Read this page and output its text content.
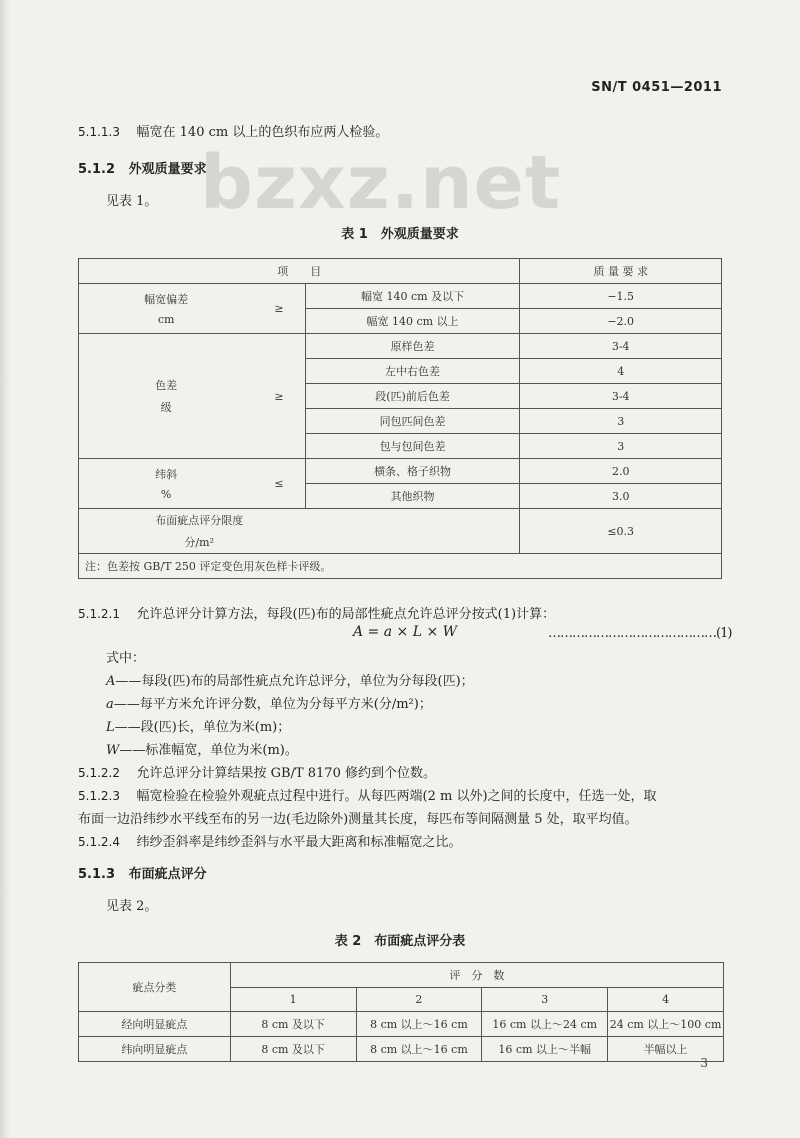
SN/T 0451—2011
bzxz.net
5.1.1.3 幅宽在 140 cm 以上的色织布应两人检验。
5.1.2 外观质量要求
见表 1。
表 1　外观质量要求
项　　目			质 量 要 求

幅宽偏差
cm	≥	幅宽 140 cm 及以下	−1.5
		幅宽 140 cm 以上	−2.0

色差
级	≥	原样色差	3-4
		左中右色差	4
		段(匹)前后色差	3-4
		同包匹间色差	3
		包与包间色差	3

纬斜
%	≤	横条、格子织物	2.0
		其他织物	3.0

布面疵点评分限度
分/m²			≤0.3
注：色差按 GB/T 250 评定变色用灰色样卡评级。			
5.1.2.1 允许总评分计算方法，每段(匹)布的局部性疵点允许总评分按式(1)计算：
A = a × L × W	……………………………………(1)
式中：
A——每段(匹)布的局部性疵点允许总评分，单位为分每段(匹)；
a——每平方米允许评分数，单位为分每平方米(分/m²)；
L——段(匹)长，单位为米(m)；
W——标准幅宽，单位为米(m)。
5.1.2.2 允许总评分计算结果按 GB/T 8170 修约到个位数。
5.1.2.3 幅宽检验在检验外观疵点过程中进行。从每匹两端(2 m 以外)之间的长度中，任选一处，取
布面一边沿纬纱水平线至布的另一边(毛边除外)测量其长度，每匹布等间隔测量 5 处，取平均值。
5.1.2.4 纬纱歪斜率是纬纱歪斜与水平最大距离和标准幅宽之比。
5.1.3 布面疵点评分
见表 2。
表 2　布面疵点评分表
疵点分类	评　分　数			
	1	2	3	4
经向明显疵点	8 cm 及以下	8 cm 以上～16 cm	16 cm 以上～24 cm	24 cm 以上～100 cm
纬向明显疵点	8 cm 及以下	8 cm 以上～16 cm	16 cm 以上～半幅	半幅以上
3
